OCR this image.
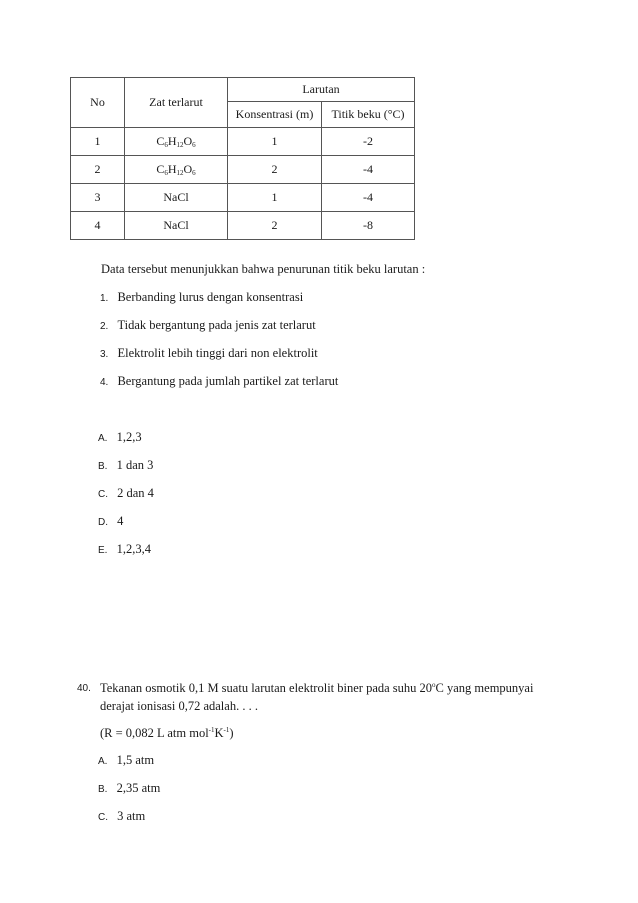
No	Zat terlarut	Larutan	
		Konsentrasi (m)	Titik beku (°C)
1	$C_6H_{12}O_6$	1	-2
2	$C_6H_{12}O_6$	2	-4
3	NaCl	1	-4
4	NaCl	2	-8
Data tersebut menunjukkan bahwa penurunan titik beku larutan :
1. Berbanding lurus dengan konsentrasi
2. Tidak bergantung pada jenis zat terlarut
3. Elektrolit lebih tinggi dari non elektrolit
4. Bergantung pada jumlah partikel zat terlarut
A. 1,2,3
B. 1 dan 3
C. 2 dan 4
D. 4
E. 1,2,3,4
40. Tekanan osmotik 0,1 M suatu larutan elektrolit biner pada suhu 20$^o$C yang mempunyai
derajat ionisasi 0,72 adalah. . . .
(R = 0,082 L atm $mol^{-1}K^{-1}$)
A. 1,5 atm
B. 2,35 atm
C. 3 atm
